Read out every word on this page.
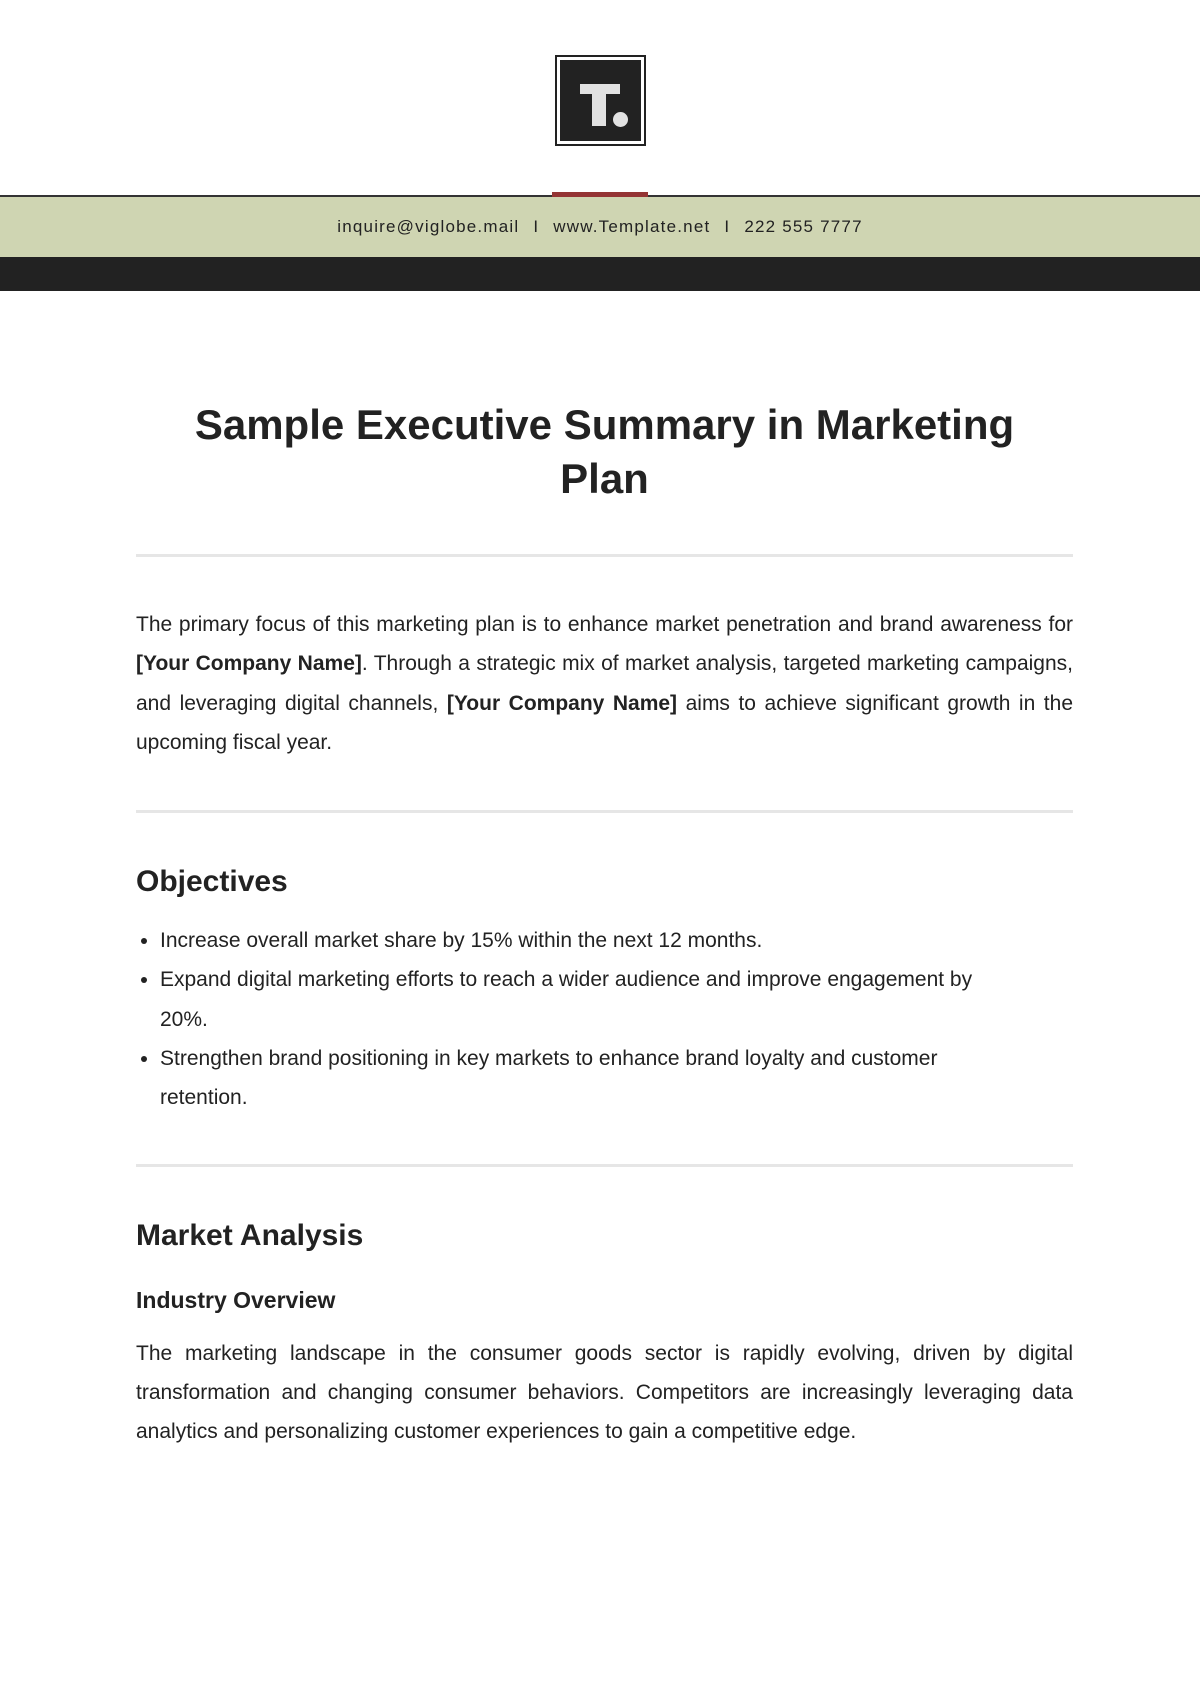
inquire@viglobe.mail I www.Template.net I 222 555 7777
Sample Executive Summary in Marketing Plan

The primary focus of this marketing plan is to enhance market penetration and brand awareness for [Your Company Name]. Through a strategic mix of market analysis, targeted marketing campaigns, and leveraging digital channels, [Your Company Name] aims to achieve significant growth in the upcoming fiscal year.

Objectives
• Increase overall market share by 15% within the next 12 months.
• Expand digital marketing efforts to reach a wider audience and improve engagement by 20%.
• Strengthen brand positioning in key markets to enhance brand loyalty and customer retention.
Market Analysis
Industry Overview

The marketing landscape in the consumer goods sector is rapidly evolving, driven by digital transformation and changing consumer behaviors. Competitors are increasingly leveraging data analytics and personalizing customer experiences to gain a competitive edge.
